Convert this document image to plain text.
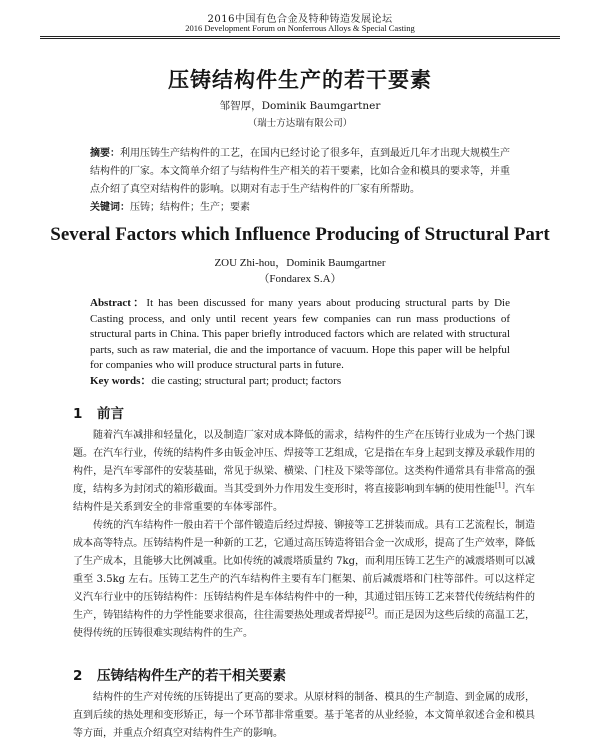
2016中国有色合金及特种铸造发展论坛

2016 Development Forum on Nonferrous Alloys & Special Casting

压铸结构件生产的若干要素
邹智厚，Dominik Baumgartner
（瑞士方达瑞有限公司）

摘要：利用压铸生产结构件的工艺，在国内已经讨论了很多年，直到最近几年才出现大规模生产结构件的厂家。本文简单介绍了与结构件生产相关的若干要素，比如合金和模具的要求等，并重点介绍了真空对结构件的影响。以期对有志于生产结构件的厂家有所帮助。

关键词：压铸；结构件；生产；要素

Several Factors which Influence Producing of Structural Part
ZOU Zhi-hou，Dominik Baumgartner
（Fondarex S.A）

Abstract：It has been discussed for many years about producing structural parts by Die Casting process, and only until recent years few companies can run mass productions of structural parts in China. This paper briefly introduced factors which are related with structural parts, such as raw material, die and the importance of vacuum. Hope this paper will be helpful for companies who will produce structural parts in future.

Key words：die casting; structural part; product; factors

1 前言

随着汽车减排和轻量化，以及制造厂家对成本降低的需求，结构件的生产在压铸行业成为一个热门课题。在汽车行业，传统的结构件多由钣金冲压、焊接等工艺组成，它是指在车身上起到支撑及承载作用的构件，是汽车零部件的安装基础，常见于纵梁、横梁、门柱及下梁等部位。这类构件通常具有非常高的强度，结构多为封闭式的箱形截面。当其受到外力作用发生变形时，将直接影响到车辆的使用性能[1]。汽车结构件是关系到安全的非常重要的车体零部件。

传统的汽车结构件一般由若干个部件锻造后经过焊接、铆接等工艺拼装而成。具有工艺流程长，制造成本高等特点。压铸结构件是一种新的工艺，它通过高压铸造将铝合金一次成形，提高了生产效率，降低了生产成本，且能够大比例减重。比如传统的减震塔质量约 7kg，而利用压铸工艺生产的减震塔则可以减重至 3.5kg 左右。压铸工艺生产的汽车结构件主要有车门框架、前后减震塔和门柱等部件。可以这样定义汽车行业中的压铸结构件：压铸结构件是车体结构件中的一种，其通过铝压铸工艺来替代传统结构件的生产，铸铝结构件的力学性能要求很高，往往需要热处理或者焊接[2]。而正是因为这些后续的高温工艺，使得传统的压铸很难实现结构件的生产。

2 压铸结构件生产的若干相关要素

结构件的生产对传统的压铸提出了更高的要求。从原材料的制备、模具的生产制造、到金属的成形，直到后续的热处理和变形矫正，每一个环节都非常重要。基于笔者的从业经验，本文简单叙述合金和模具等方面，并重点介绍真空对结构件生产的影响。
